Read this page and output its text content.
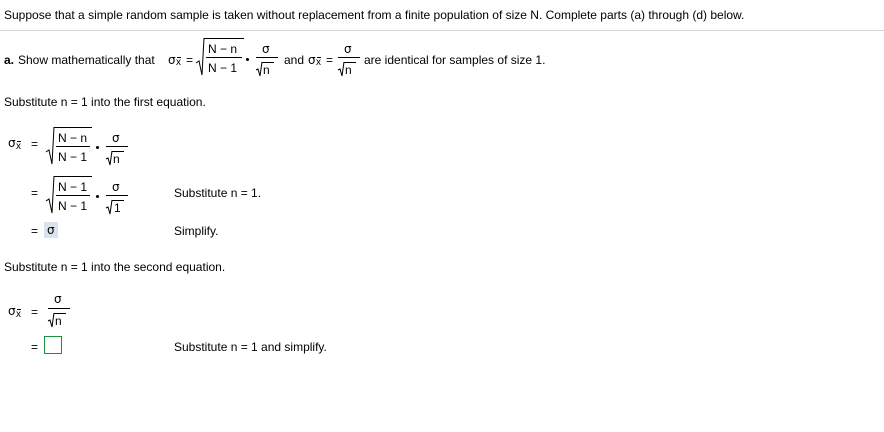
Suppose that a simple random sample is taken without replacement from a finite population of size N. Complete parts (a) through (d) below.
a. Show mathematically that σ x =
N − n
N − 1
σ
n
and σ x =
σ
n
are identical for samples of size 1.
Substitute n = 1 into the first equation.
σ x = N − n
N − 1
σ
n
= N − 1
N − 1
σ
1
Substitute n = 1.
= σ	Simplify.
Substitute n = 1 into the second equation.
σ x =
σ
n
=	Substitute n = 1 and simplify.
